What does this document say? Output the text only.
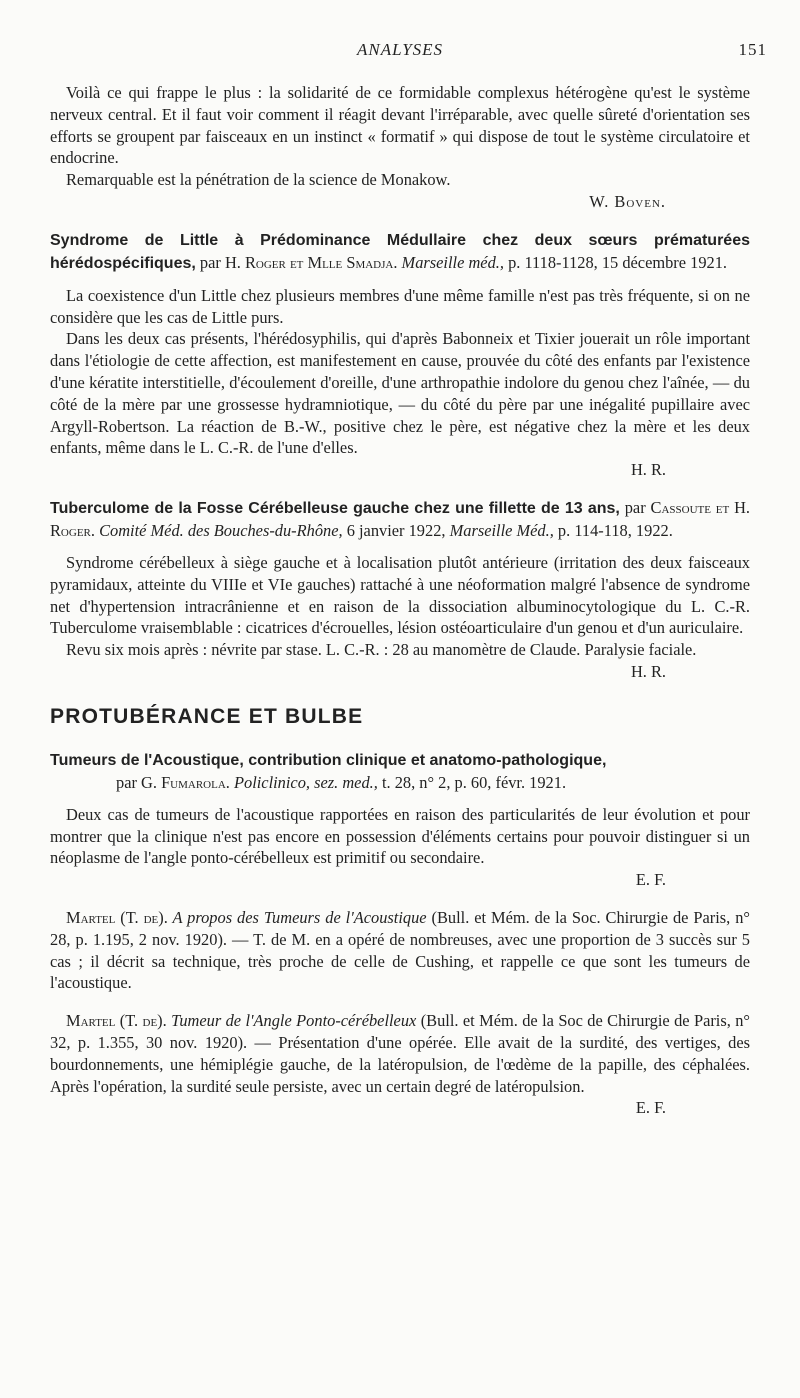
ANALYSES	151

Voilà ce qui frappe le plus : la solidarité de ce formidable complexus hétérogène qu'est le système nerveux central. Et il faut voir comment il réagit devant l'irréparable, avec quelle sûreté d'orientation ses efforts se groupent par faisceaux en un instinct « formatif » qui dispose de tout le système circulatoire et endocrine.

Remarquable est la pénétration de la science de Monakow.

W. Boven.

Syndrome de Little à Prédominance Médullaire chez deux sœurs prématurées hérédospécifiques, par H. Roger et Mlle Smadja. Marseille méd., p. 1118-1128, 15 décembre 1921.

La coexistence d'un Little chez plusieurs membres d'une même famille n'est pas très fréquente, si on ne considère que les cas de Little purs.

Dans les deux cas présents, l'hérédosyphilis, qui d'après Babonneix et Tixier jouerait un rôle important dans l'étiologie de cette affection, est manifestement en cause, prouvée du côté des enfants par l'existence d'une kératite interstitielle, d'écoulement d'oreille, d'une arthropathie indolore du genou chez l'aînée, — du côté de la mère par une grossesse hydramniotique, — du côté du père par une inégalité pupillaire avec Argyll-Robertson. La réaction de B.-W., positive chez le père, est négative chez la mère et les deux enfants, même dans le L. C.-R. de l'une d'elles.

H. R.

Tuberculome de la Fosse Cérébelleuse gauche chez une fillette de 13 ans, par Cassoute et H. Roger. Comité Méd. des Bouches-du-Rhône, 6 janvier 1922, Marseille Méd., p. 114-118, 1922.

Syndrome cérébelleux à siège gauche et à localisation plutôt antérieure (irritation des deux faisceaux pyramidaux, atteinte du VIIIe et VIe gauches) rattaché à une néoformation malgré l'absence de syndrome net d'hypertension intracrânienne et en raison de la dissociation albuminocytologique du L. C.-R. Tuberculome vraisemblable : cicatrices d'écrouelles, lésion ostéoarticulaire d'un genou et d'un auriculaire.

Revu six mois après : névrite par stase. L. C.-R. : 28 au manomètre de Claude. Paralysie faciale.

H. R.

PROTUBÉRANCE ET BULBE
Tumeurs de l'Acoustique, contribution clinique et anatomo-pathologique,
par G. Fumarola. Policlinico, sez. med., t. 28, n° 2, p. 60, févr. 1921.

Deux cas de tumeurs de l'acoustique rapportées en raison des particularités de leur évolution et pour montrer que la clinique n'est pas encore en possession d'éléments certains pour pouvoir distinguer si un néoplasme de l'angle ponto-cérébelleux est primitif ou secondaire.

E. F.

Martel (T. de). A propos des Tumeurs de l'Acoustique (Bull. et Mém. de la Soc. Chirurgie de Paris, n° 28, p. 1.195, 2 nov. 1920). — T. de M. en a opéré de nombreuses, avec une proportion de 3 succès sur 5 cas ; il décrit sa technique, très proche de celle de Cushing, et rappelle ce que sont les tumeurs de l'acoustique.

Martel (T. de). Tumeur de l'Angle Ponto-cérébelleux (Bull. et Mém. de la Soc de Chirurgie de Paris, n° 32, p. 1.355, 30 nov. 1920). — Présentation d'une opérée. Elle avait de la surdité, des vertiges, des bourdonnements, une hémiplégie gauche, de la latéropulsion, de l'œdème de la papille, des céphalées. Après l'opération, la surdité seule persiste, avec un certain degré de latéropulsion.

E. F.
